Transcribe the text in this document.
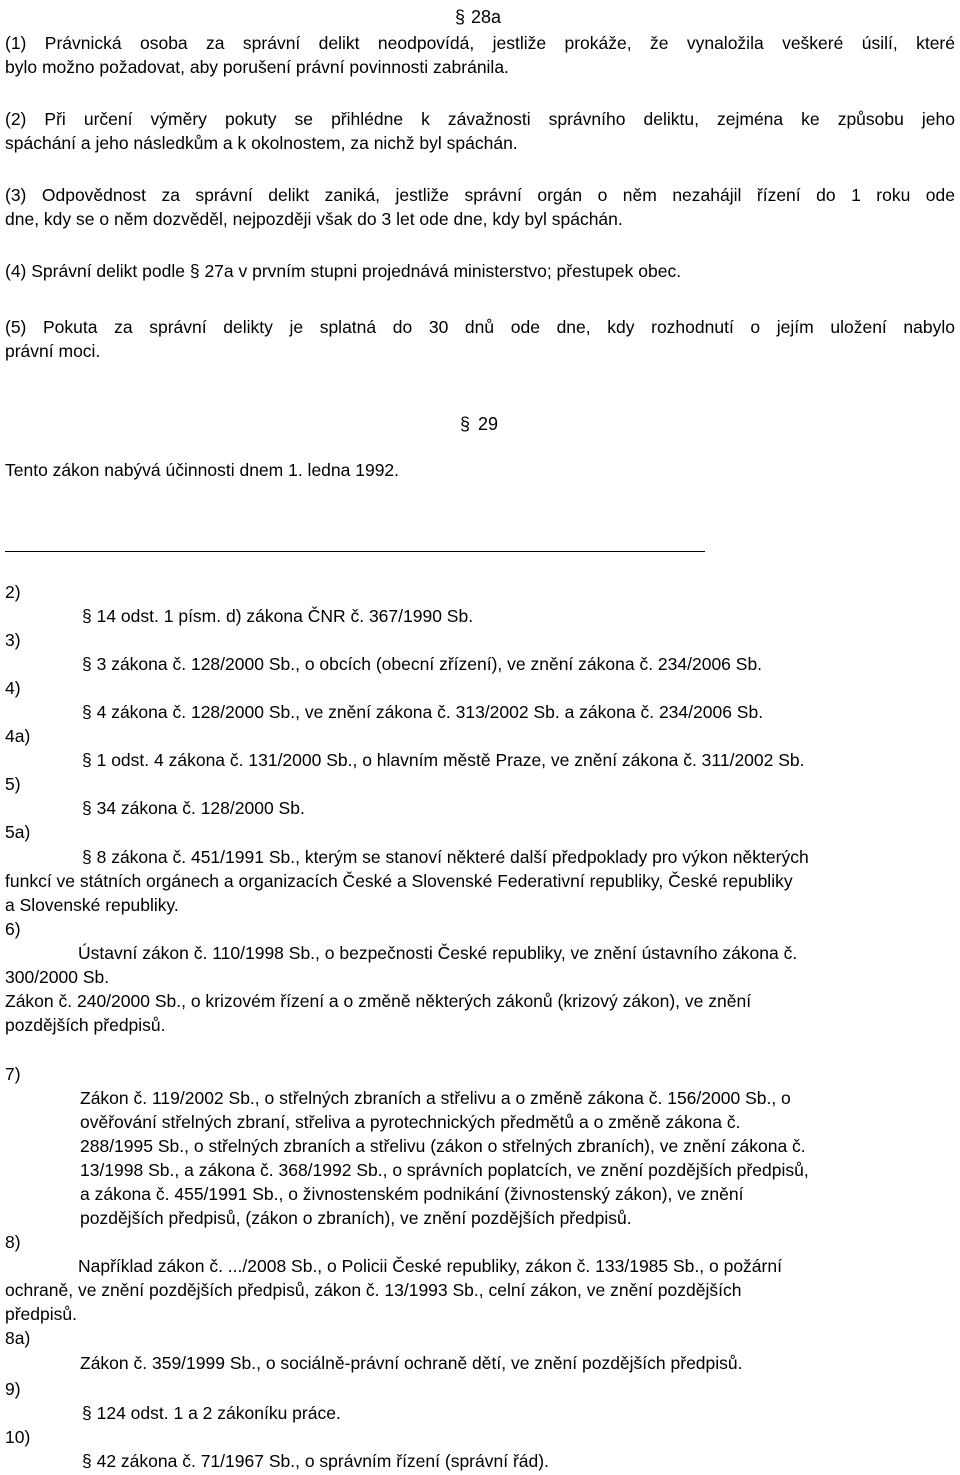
§ 28a
(1) Právnická osoba za správní delikt neodpovídá, jestliže prokáže, že vynaložila veškeré úsilí, které
bylo možno požadovat, aby porušení právní povinnosti zabránila.
(2) Při určení výměry pokuty se přihlédne k závažnosti správního deliktu, zejména ke způsobu jeho
spáchání a jeho následkům a k okolnostem, za nichž byl spáchán.
(3) Odpovědnost za správní delikt zaniká, jestliže správní orgán o něm nezahájil řízení do 1 roku ode
dne, kdy se o něm dozvěděl, nejpozději však do 3 let ode dne, kdy byl spáchán.
(4) Správní delikt podle § 27a v prvním stupni projednává ministerstvo; přestupek obec.
(5) Pokuta za správní delikty je splatná do 30 dnů ode dne, kdy rozhodnutí o jejím uložení nabylo
právní moci.
§ 29
Tento zákon nabývá účinnosti dnem 1. ledna 1992.
2)
§ 14 odst. 1 písm. d) zákona ČNR č. 367/1990 Sb.
3)
§ 3 zákona č. 128/2000 Sb., o obcích (obecní zřízení), ve znění zákona č. 234/2006 Sb.
4)
§ 4 zákona č. 128/2000 Sb., ve znění zákona č. 313/2002 Sb. a zákona č. 234/2006 Sb.
4a)
§ 1 odst. 4 zákona č. 131/2000 Sb., o hlavním městě Praze, ve znění zákona č. 311/2002 Sb.
5)
§ 34 zákona č. 128/2000 Sb.
5a)
§ 8 zákona č. 451/1991 Sb., kterým se stanoví některé další předpoklady pro výkon některých
funkcí ve státních orgánech a organizacích České a Slovenské Federativní republiky, České republiky
a Slovenské republiky.
6)
Ústavní zákon č. 110/1998 Sb., o bezpečnosti České republiky, ve znění ústavního zákona č.
300/2000 Sb.
Zákon č. 240/2000 Sb., o krizovém řízení a o změně některých zákonů (krizový zákon), ve znění
pozdějších předpisů.
7)
Zákon č. 119/2002 Sb., o střelných zbraních a střelivu a o změně zákona č. 156/2000 Sb., o
ověřování střelných zbraní, střeliva a pyrotechnických předmětů a o změně zákona č.
288/1995 Sb., o střelných zbraních a střelivu (zákon o střelných zbraních), ve znění zákona č.
13/1998 Sb., a zákona č. 368/1992 Sb., o správních poplatcích, ve znění pozdějších předpisů,
a zákona č. 455/1991 Sb., o živnostenském podnikání (živnostenský zákon), ve znění
pozdějších předpisů, (zákon o zbraních), ve znění pozdějších předpisů.
8)
Například zákon č. .../2008 Sb., o Policii České republiky, zákon č. 133/1985 Sb., o požární
ochraně, ve znění pozdějších předpisů, zákon č. 13/1993 Sb., celní zákon, ve znění pozdějších
předpisů.
8a)
Zákon č. 359/1999 Sb., o sociálně-právní ochraně dětí, ve znění pozdějších předpisů.
9)
§ 124 odst. 1 a 2 zákoníku práce.
10)
§ 42 zákona č. 71/1967 Sb., o správním řízení (správní řád).
